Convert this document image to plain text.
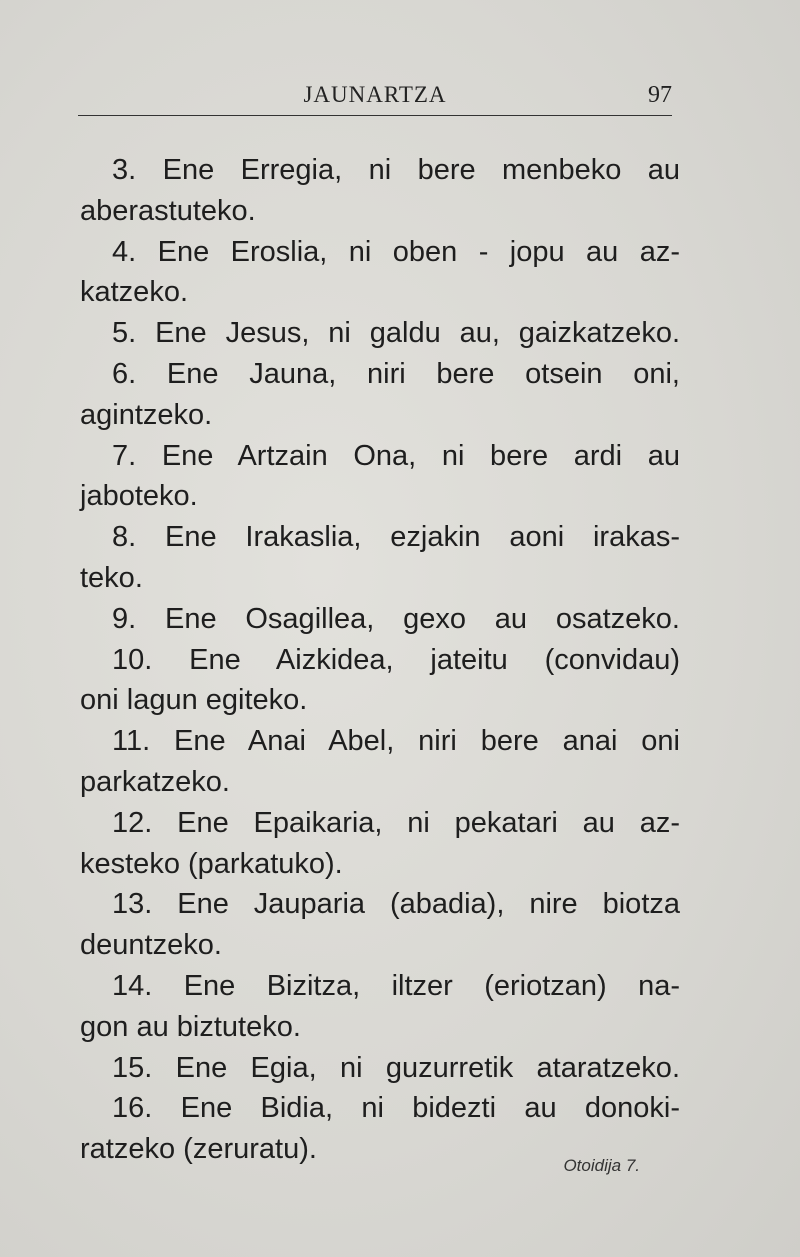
JAUNARTZA	97
3. Ene Erregia, ni bere menbeko au
aberastuteko.
4. Ene Eroslia, ni oben - jopu au az-
katzeko.
5. Ene Jesus, ni galdu au, gaizkatzeko.
6. Ene Jauna, niri bere otsein oni,
agintzeko.
7. Ene Artzain Ona, ni bere ardi au
jaboteko.
8. Ene Irakaslia, ezjakin aoni irakas-
teko.
9. Ene Osagillea, gexo au osatzeko.
10. Ene Aizkidea, jateitu (convidau)
oni lagun egiteko.
11. Ene Anai Abel, niri bere anai oni
parkatzeko.
12. Ene Epaikaria, ni pekatari au az-
kesteko (parkatuko).
13. Ene Jauparia (abadia), nire biotza
deuntzeko.
14. Ene Bizitza, iltzer (eriotzan) na-
gon au biztuteko.
15. Ene Egia, ni guzurretik ataratzeko.
16. Ene Bidia, ni bidezti au donoki-
ratzeko (zeruratu).
Otoidija 7.
